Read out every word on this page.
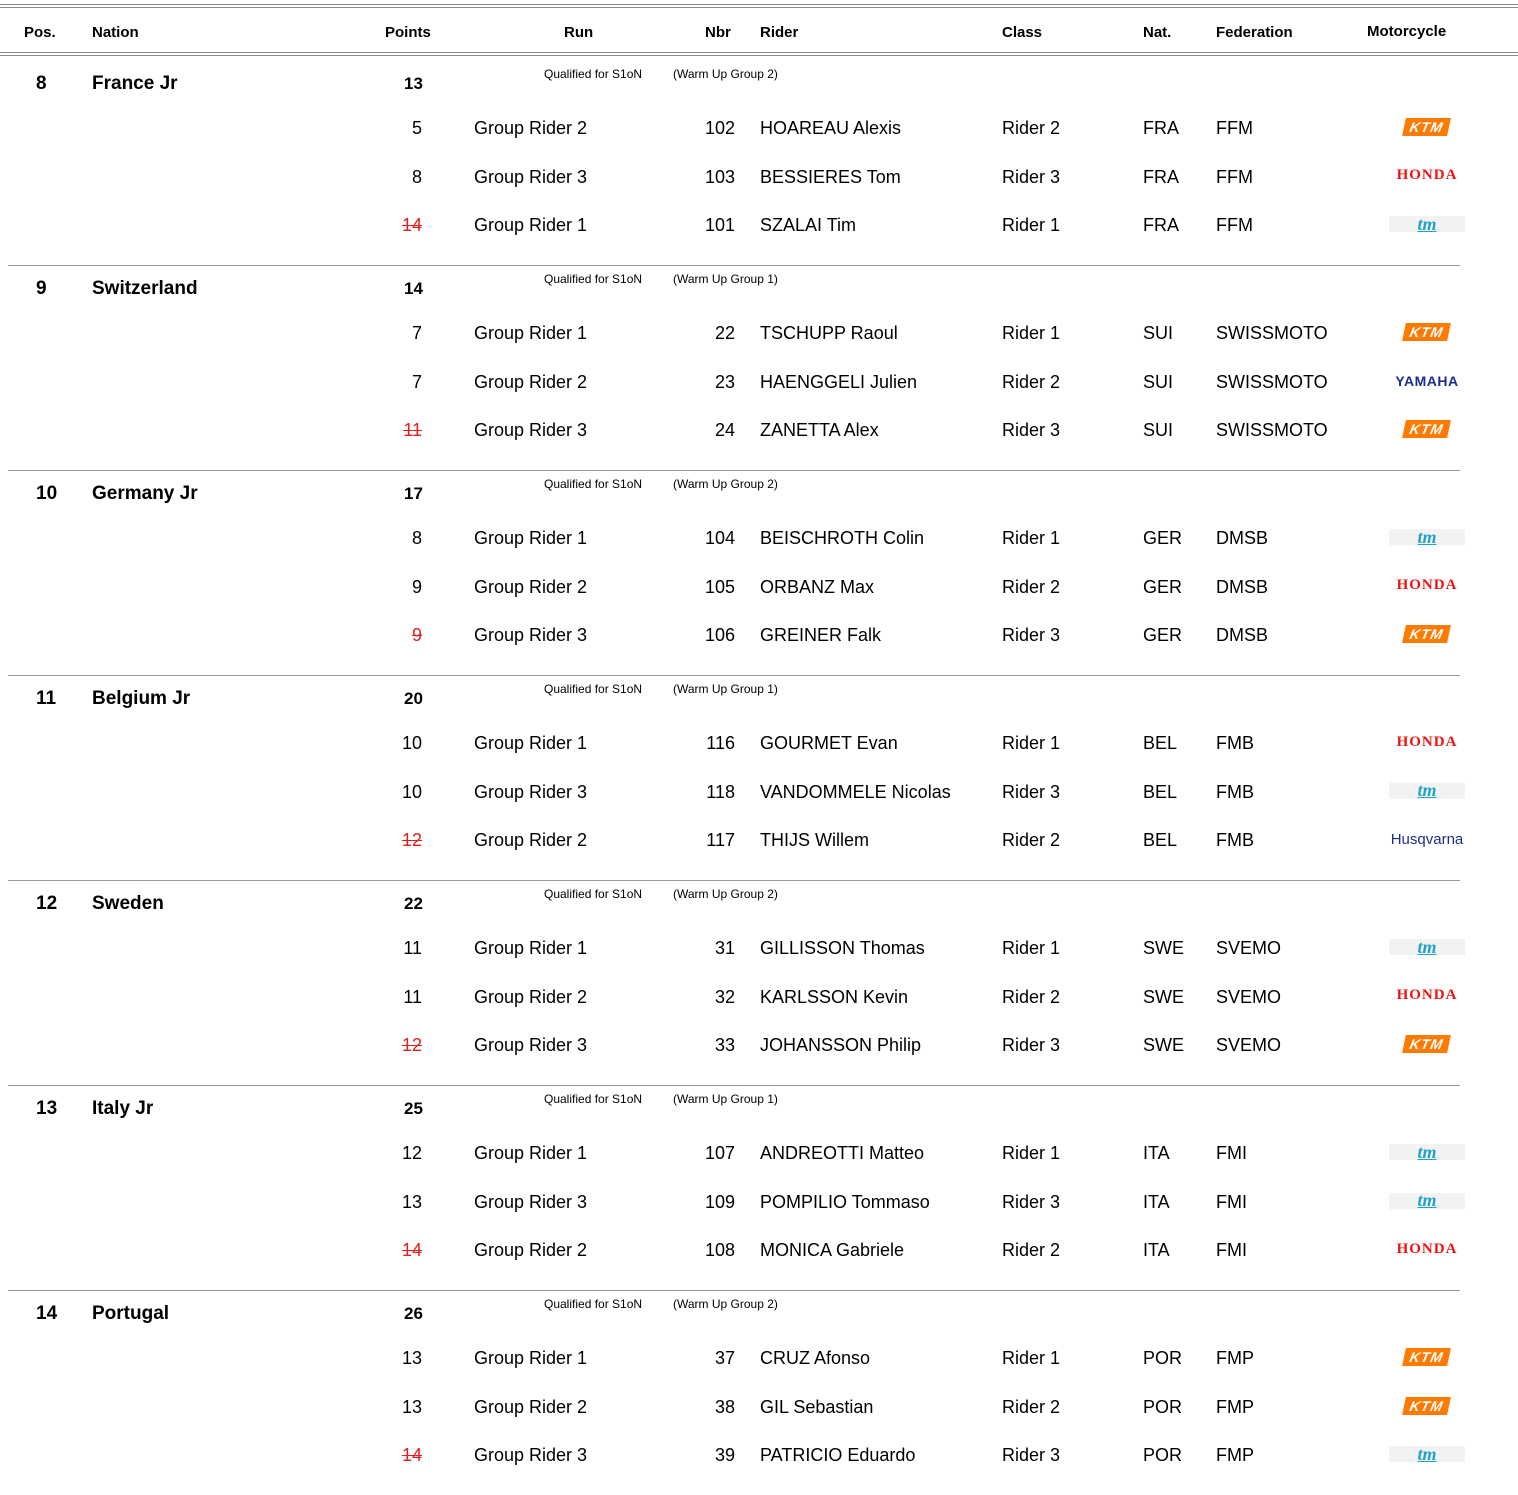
Pos. Nation	Points	Run	Nbr Rider	Class	Nat.	Federation	Motorcycle
8 France Jr	13	Qualified for S1oN	(Warm Up Group 2)
5	Group Rider 2	102 HOAREAU Alexis	Rider 2	FRA FFM	KTM
8	Group Rider 3	103 BESSIERES Tom	Rider 3	FRA FFM	HONDA
14	Group Rider 1	101 SZALAI Tim	Rider 1	FRA FFM	tm
9 Switzerland	14	Qualified for S1oN	(Warm Up Group 1)
7	Group Rider 1	22 TSCHUPP Raoul	Rider 1	SUI SWISSMOTO	KTM
7	Group Rider 2	23 HAENGGELI Julien	Rider 2	SUI SWISSMOTO	YAMAHA
11	Group Rider 3	24 ZANETTA Alex	Rider 3	SUI SWISSMOTO	KTM
10 Germany Jr	17	Qualified for S1oN	(Warm Up Group 2)
8	Group Rider 1	104 BEISCHROTH Colin	Rider 1	GER DMSB	tm
9	Group Rider 2	105 ORBANZ Max	Rider 2	GER DMSB	HONDA
9	Group Rider 3	106 GREINER Falk	Rider 3	GER DMSB	KTM
11 Belgium Jr	20	Qualified for S1oN	(Warm Up Group 1)
10	Group Rider 1	116 GOURMET Evan	Rider 1	BEL FMB	HONDA
10	Group Rider 3	118 VANDOMMELE Nicolas	Rider 3	BEL FMB	tm
12	Group Rider 2	117 THIJS Willem	Rider 2	BEL FMB	Husqvarna
12 Sweden	22	Qualified for S1oN	(Warm Up Group 2)
11	Group Rider 1	31 GILLISSON Thomas	Rider 1	SWE SVEMO	tm
11	Group Rider 2	32 KARLSSON Kevin	Rider 2	SWE SVEMO	HONDA
12	Group Rider 3	33 JOHANSSON Philip	Rider 3	SWE SVEMO	KTM
13 Italy Jr	25	Qualified for S1oN	(Warm Up Group 1)
12	Group Rider 1	107 ANDREOTTI Matteo	Rider 1	ITA	FMI	tm
13	Group Rider 3	109 POMPILIO Tommaso	Rider 3	ITA	FMI	tm
14	Group Rider 2	108 MONICA Gabriele	Rider 2	ITA	FMI	HONDA
14 Portugal	26	Qualified for S1oN	(Warm Up Group 2)
13	Group Rider 1	37 CRUZ Afonso	Rider 1	POR FMP	KTM
13	Group Rider 2	38 GIL Sebastian	Rider 2	POR FMP	KTM
14	Group Rider 3	39 PATRICIO Eduardo	Rider 3	POR FMP	tm
